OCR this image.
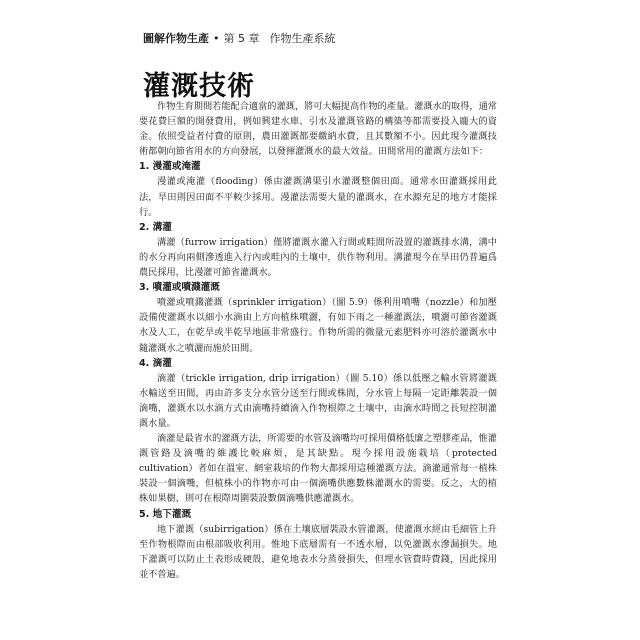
圖解作物生產 • 第 5 章 作物生產系統
灌溉技術

作物生育期間若能配合適當的灌溉，將可大幅提高作物的產量。灌溉水的取得，通常要花費巨額的開發費用，例如興建水庫、引水及灌溉管路的構築等都需要投入龐大的資金。依照受益者付費的原則，農田灌溉都要繳納水費，且其數額不小。因此現今灌溉技術都朝向節省用水的方向發展，以發揮灌溉水的最大效益。田間常用的灌溉方法如下：

1. 漫灌或淹灌

漫灌或淹灌（flooding）係由灌溉溝渠引水灌溉整個田面。通常水田灌溉採用此法，旱田則因田面不平較少採用。漫灌法需要大量的灌溉水，在水源充足的地方才能採行。

2. 溝灌

溝灌（furrow irrigation）僅將灌溉水灌入行間或畦間所設置的灌溉排水溝，溝中的水分再向兩側滲透進入行內或畦內的土壤中，供作物利用。溝灌現今在旱田仍普遍爲農民採用，比漫灌可節省灌溉水。

3. 噴灌或噴濺灌溉

噴灌或噴濺灌溉（sprinkler irrigation）（圖 5.9）係利用噴嘴（nozzle）和加壓設備使灌溉水以細小水滴由上方向植株噴灑，有如下雨之一種灌溉法，噴灑可節省灌溉水及人工，在乾旱或半乾旱地區非常盛行。作物所需的微量元素肥料亦可溶於灌溉水中隨灌溉水之噴灑而施於田間。

4. 滴灌

滴灌（trickle irrigation, drip irrigation）（圖 5.10）係以低壓之輸水管將灌溉水輸送至田間，再由許多支分水管分送至行間或株間，分水管上每隔一定距離裝設一個滴嘴，灌溉水以水滴方式由滴嘴持續滴入作物根際之土壤中，由滴水時間之長短控制灌溉水量。

滴灌是最省水的灌溉方法，所需要的水管及滴嘴均可採用價格低廉之塑膠產品，惟灌溉管路及滴嘴的維護比較麻煩，是其缺點。現今採用設施栽培（protected cultivation）者如在溫室、網室栽培的作物大都採用這種灌溉方法。滴灌通常每一植株裝設一個滴嘴，但植株小的作物亦可由一個滴嘴供應數株灌溉水的需要。反之，大的植株如果樹，則可在根際周圍裝設數個滴嘴供應灌溉水。

5. 地下灌溉

地下灌溉（subirrigation）係在土壤底層裝設水管灌溉，使灌溉水經由毛細管上升至作物根際而由根部吸收利用。惟地下底層需有一不透水層，以免灌溉水滲漏損失。地下灌溉可以防止土表形成硬殼，避免地表水分蒸發損失，但埋水管費時費錢，因此採用並不普遍。
